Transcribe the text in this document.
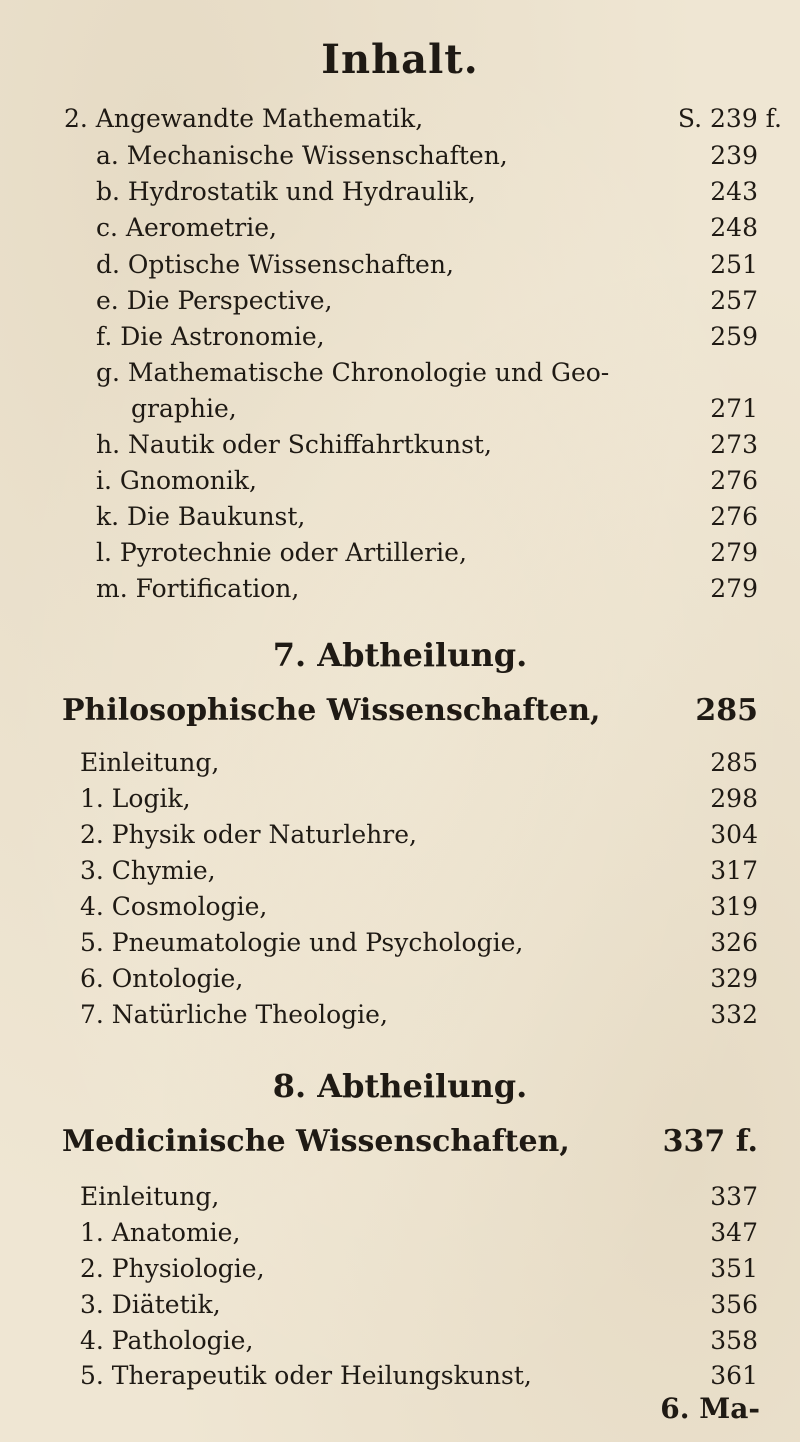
Inhalt.
2. Angewandte Mathematik,	S. 239 f.
a. Mechanische Wissenschaften,	239
b. Hydrostatik und Hydraulik,	243
c. Aerometrie,	248
d. Optische Wissenschaften,	251
e. Die Perspective,	257
f. Die Astronomie,	259
g. Mathematische Chronologie und Geo-
graphie,	271
h. Nautik oder Schiffahrtkunst,	273
i. Gnomonik,	276
k. Die Baukunst,	276
l. Pyrotechnie oder Artillerie,	279
m. Fortification,	279
7. Abtheilung.
Philosophische Wissenschaften,	285
Einleitung,	285
1. Logik,	298
2. Physik oder Naturlehre,	304
3. Chymie,	317
4. Cosmologie,	319
5. Pneumatologie und Psychologie,	326
6. Ontologie,	329
7. Natürliche Theologie,	332
8. Abtheilung.
Medicinische Wissenschaften,	337 f.
Einleitung,	337
1. Anatomie,	347
2. Physiologie,	351
3. Diätetik,	356
4. Pathologie,	358
5. Therapeutik oder Heilungskunst,	361
6. Ma-
